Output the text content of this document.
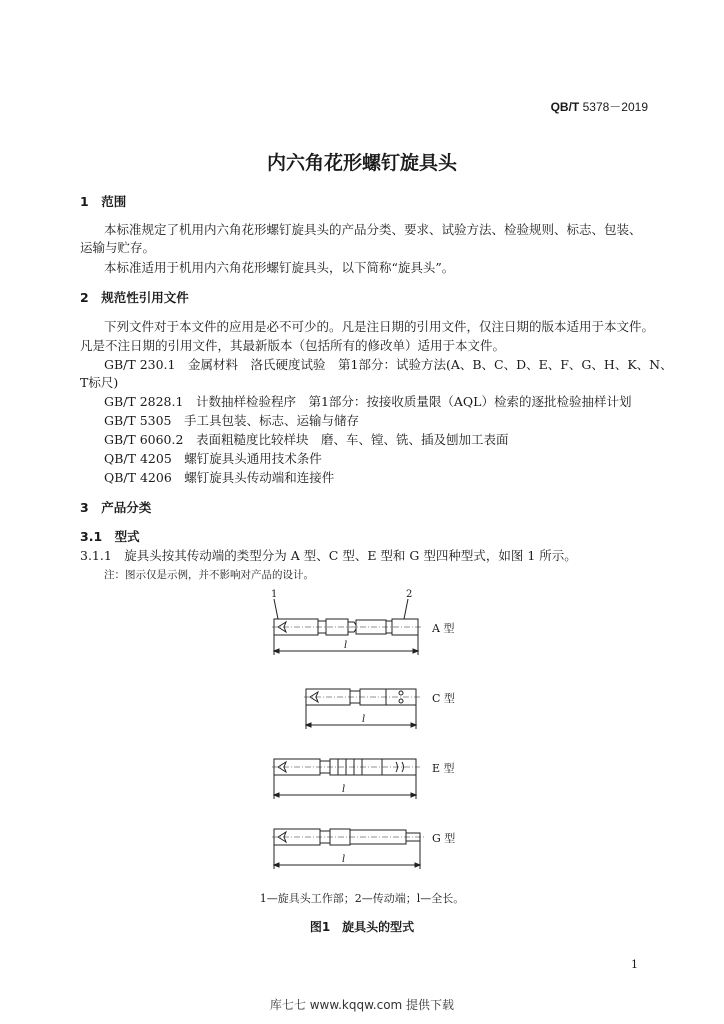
QB/T 5378－2019
内六角花形螺钉旋具头
1　范围
本标准规定了机用内六角花形螺钉旋具头的产品分类、要求、试验方法、检验规则、标志、包装、
运输与贮存。
本标准适用于机用内六角花形螺钉旋具头，以下简称“旋具头”。
2　规范性引用文件
下列文件对于本文件的应用是必不可少的。凡是注日期的引用文件，仅注日期的版本适用于本文件。
凡是不注日期的引用文件，其最新版本（包括所有的修改单）适用于本文件。
GB/T 230.1　 金属材料　洛氏硬度试验　第1部分：试验方法(A、B、C、D、E、F、G、H、K、N、
T标尺)
GB/T 2828.1　 计数抽样检验程序　第1部分：按接收质量限（AQL）检索的逐批检验抽样计划
GB/T 5305　 手工具包装、标志、运输与储存
GB/T 6060.2　 表面粗糙度比较样块　磨、车、镗、铣、插及刨加工表面
QB/T 4205　 螺钉旋具头通用技术条件
QB/T 4206　 螺钉旋具头传动端和连接件
3　产品分类
3.1　型式
3.1.1　旋具头按其传动端的类型分为 A 型、C 型、E 型和 G 型四种型式，如图 1 所示。
注：图示仅是示例，并不影响对产品的设计。
1	2
l
l
l
l
A 型
C 型
E 型
G 型
1—旋具头工作部；2—传动端；l—全长。
图1　旋具头的型式
1
库七七 www.kqqw.com 提供下载
